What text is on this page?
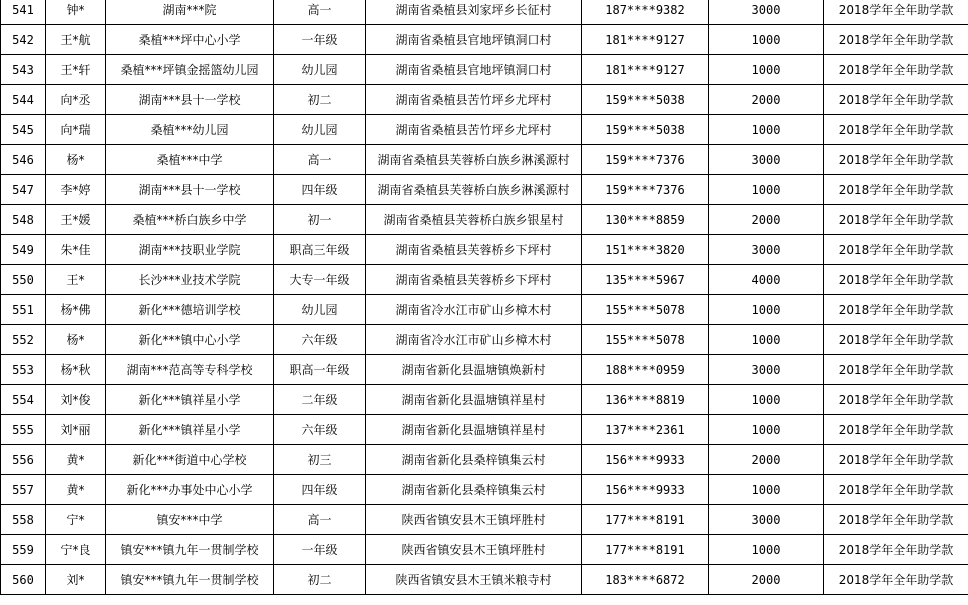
541	钟*	湖南***院	高一	湖南省桑植县刘家坪乡长征村	187****9382	3000	2018学年全年助学款
542	王*航	桑植***坪中心小学	一年级	湖南省桑植县官地坪镇洞口村	181****9127	1000	2018学年全年助学款
543	王*轩	桑植***坪镇金摇篮幼儿园	幼儿园	湖南省桑植县官地坪镇洞口村	181****9127	1000	2018学年全年助学款
544	向*丞	湖南***县十一学校	初二	湖南省桑植县苦竹坪乡尤坪村	159****5038	2000	2018学年全年助学款
545	向*瑞	桑植***幼儿园	幼儿园	湖南省桑植县苦竹坪乡尤坪村	159****5038	1000	2018学年全年助学款
546	杨*	桑植***中学	高一	湖南省桑植县芙蓉桥白族乡淋溪源村	159****7376	3000	2018学年全年助学款
547	李*婷	湖南***县十一学校	四年级	湖南省桑植县芙蓉桥白族乡淋溪源村	159****7376	1000	2018学年全年助学款
548	王*媛	桑植***桥白族乡中学	初一	湖南省桑植县芙蓉桥白族乡银星村	130****8859	2000	2018学年全年助学款
549	朱*佳	湖南***技职业学院	职高三年级	湖南省桑植县芙蓉桥乡下坪村	151****3820	3000	2018学年全年助学款
550	王*	长沙***业技术学院	大专一年级	湖南省桑植县芙蓉桥乡下坪村	135****5967	4000	2018学年全年助学款
551	杨*佛	新化***德培训学校	幼儿园	湖南省冷水江市矿山乡樟木村	155****5078	1000	2018学年全年助学款
552	杨*	新化***镇中心小学	六年级	湖南省冷水江市矿山乡樟木村	155****5078	1000	2018学年全年助学款
553	杨*秋	湖南***范高等专科学校	职高一年级	湖南省新化县温塘镇焕新村	188****0959	3000	2018学年全年助学款
554	刘*俊	新化***镇祥星小学	二年级	湖南省新化县温塘镇祥星村	136****8819	1000	2018学年全年助学款
555	刘*丽	新化***镇祥星小学	六年级	湖南省新化县温塘镇祥星村	137****2361	1000	2018学年全年助学款
556	黄*	新化***街道中心学校	初三	湖南省新化县桑梓镇集云村	156****9933	2000	2018学年全年助学款
557	黄*	新化***办事处中心小学	四年级	湖南省新化县桑梓镇集云村	156****9933	1000	2018学年全年助学款
558	宁*	镇安***中学	高一	陕西省镇安县木王镇坪胜村	177****8191	3000	2018学年全年助学款
559	宁*良	镇安***镇九年一贯制学校	一年级	陕西省镇安县木王镇坪胜村	177****8191	1000	2018学年全年助学款
560	刘*	镇安***镇九年一贯制学校	初二	陕西省镇安县木王镇米粮寺村	183****6872	2000	2018学年全年助学款
